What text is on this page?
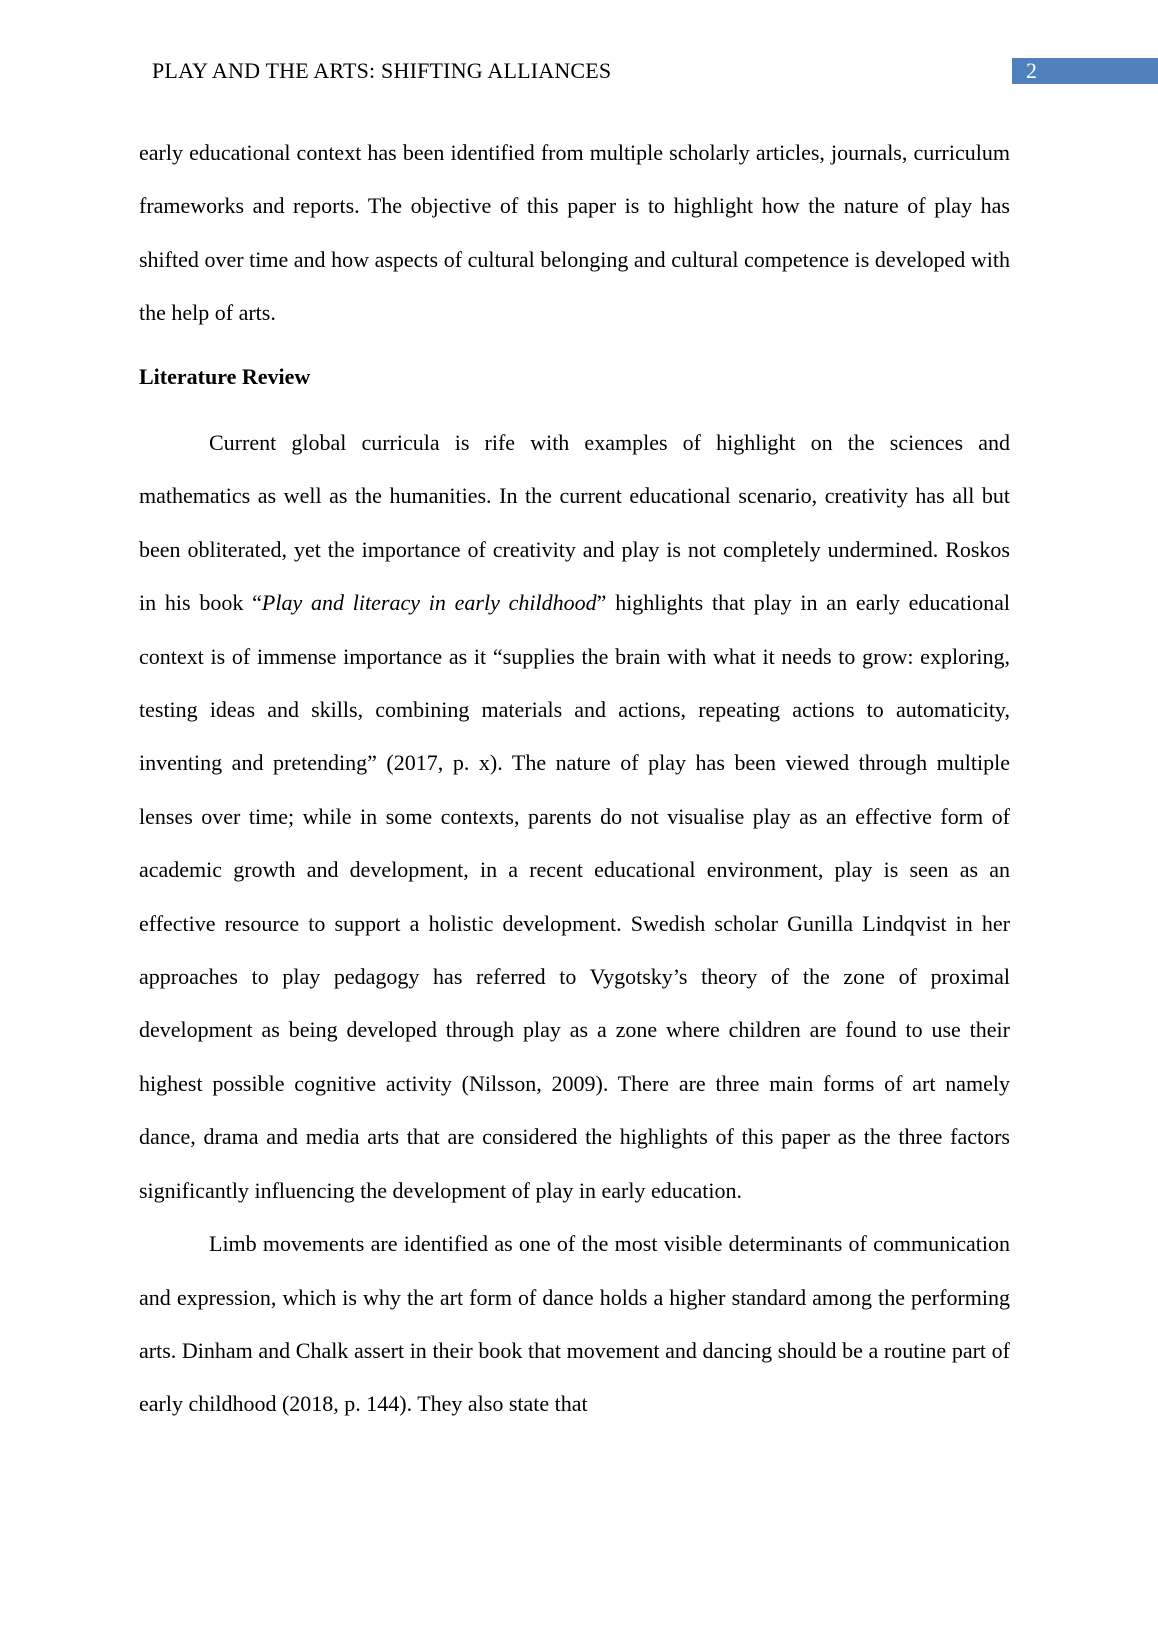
PLAY AND THE ARTS: SHIFTING ALLIANCES	2

early educational context has been identified from multiple scholarly articles, journals, curriculum frameworks and reports. The objective of this paper is to highlight how the nature of play has shifted over time and how aspects of cultural belonging and cultural competence is developed with the help of arts.

Literature Review

Current global curricula is rife with examples of highlight on the sciences and mathematics as well as the humanities. In the current educational scenario, creativity has all but been obliterated, yet the importance of creativity and play is not completely undermined. Roskos in his book “Play and literacy in early childhood” highlights that play in an early educational context is of immense importance as it “supplies the brain with what it needs to grow: exploring, testing ideas and skills, combining materials and actions, repeating actions to automaticity, inventing and pretending” (2017, p. x). The nature of play has been viewed through multiple lenses over time; while in some contexts, parents do not visualise play as an effective form of academic growth and development, in a recent educational environment, play is seen as an effective resource to support a holistic development. Swedish scholar Gunilla Lindqvist in her approaches to play pedagogy has referred to Vygotsky’s theory of the zone of proximal development as being developed through play as a zone where children are found to use their highest possible cognitive activity (Nilsson, 2009). There are three main forms of art namely dance, drama and media arts that are considered the highlights of this paper as the three factors significantly influencing the development of play in early education.

Limb movements are identified as one of the most visible determinants of communication and expression, which is why the art form of dance holds a higher standard among the performing arts. Dinham and Chalk assert in their book that movement and dancing should be a routine part of early childhood (2018, p. 144). They also state that
